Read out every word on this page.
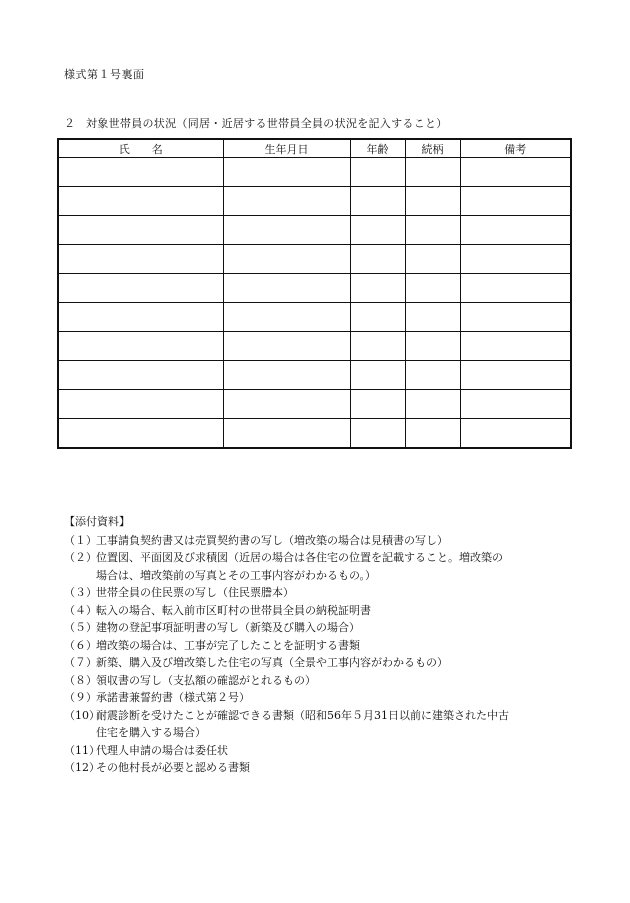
様式第１号裏面
２ 対象世帯員の状況（同居・近居する世帯員全員の状況を記入すること）
氏　　名	生年月日	年齢	続柄	備考

【添付資料】
（１）工事請負契約書又は売買契約書の写し（増改築の場合は見積書の写し）
（２）位置図、平面図及び求積図（近居の場合は各住宅の位置を記載すること。増改築の
場合は、増改築前の写真とその工事内容がわかるもの。）
（３）世帯全員の住民票の写し（住民票謄本）
（４）転入の場合、転入前市区町村の世帯員全員の納税証明書
（５）建物の登記事項証明書の写し（新築及び購入の場合）
（６）増改築の場合は、工事が完了したことを証明する書類
（７）新築、購入及び増改築した住宅の写真（全景や工事内容がわかるもの）
（８）領収書の写し（支払額の確認がとれるもの）
（９）承諾書兼誓約書（様式第２号）
（10）耐震診断を受けたことが確認できる書類（昭和56年５月31日以前に建築された中古
住宅を購入する場合）
（11）代理人申請の場合は委任状
（12）その他村長が必要と認める書類
